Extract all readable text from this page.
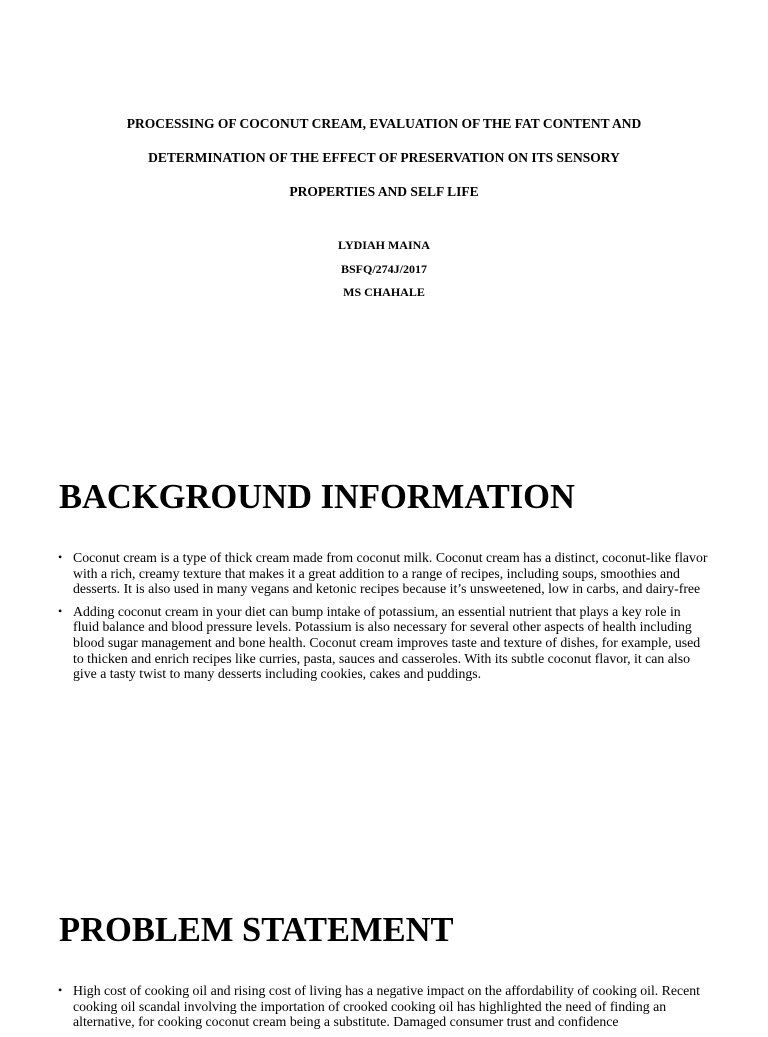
PROCESSING OF COCONUT CREAM, EVALUATION OF THE FAT CONTENT AND
DETERMINATION OF THE EFFECT OF PRESERVATION ON ITS SENSORY
PROPERTIES AND SELF LIFE
LYDIAH MAINA
BSFQ/274J/2017
MS CHAHALE
BACKGROUND INFORMATION
• Coconut cream is a type of thick cream made from coconut milk. Coconut cream has a distinct, coconut-like flavor with a rich, creamy texture that makes it a great addition to a range of recipes, including soups, smoothies and desserts. It is also used in many vegans and ketonic recipes because it’s unsweetened, low in carbs, and dairy-free
• Adding coconut cream in your diet can bump intake of potassium, an essential nutrient that plays a key role in fluid balance and blood pressure levels. Potassium is also necessary for several other aspects of health including blood sugar management and bone health. Coconut cream improves taste and texture of dishes, for example, used to thicken and enrich recipes like curries, pasta, sauces and casseroles. With its subtle coconut flavor, it can also give a tasty twist to many desserts including cookies, cakes and puddings.
PROBLEM STATEMENT
• High cost of cooking oil and rising cost of living has a negative impact on the affordability of cooking oil. Recent cooking oil scandal involving the importation of crooked cooking oil has highlighted the need of finding an alternative, for cooking coconut cream being a substitute. Damaged consumer trust and confidence
